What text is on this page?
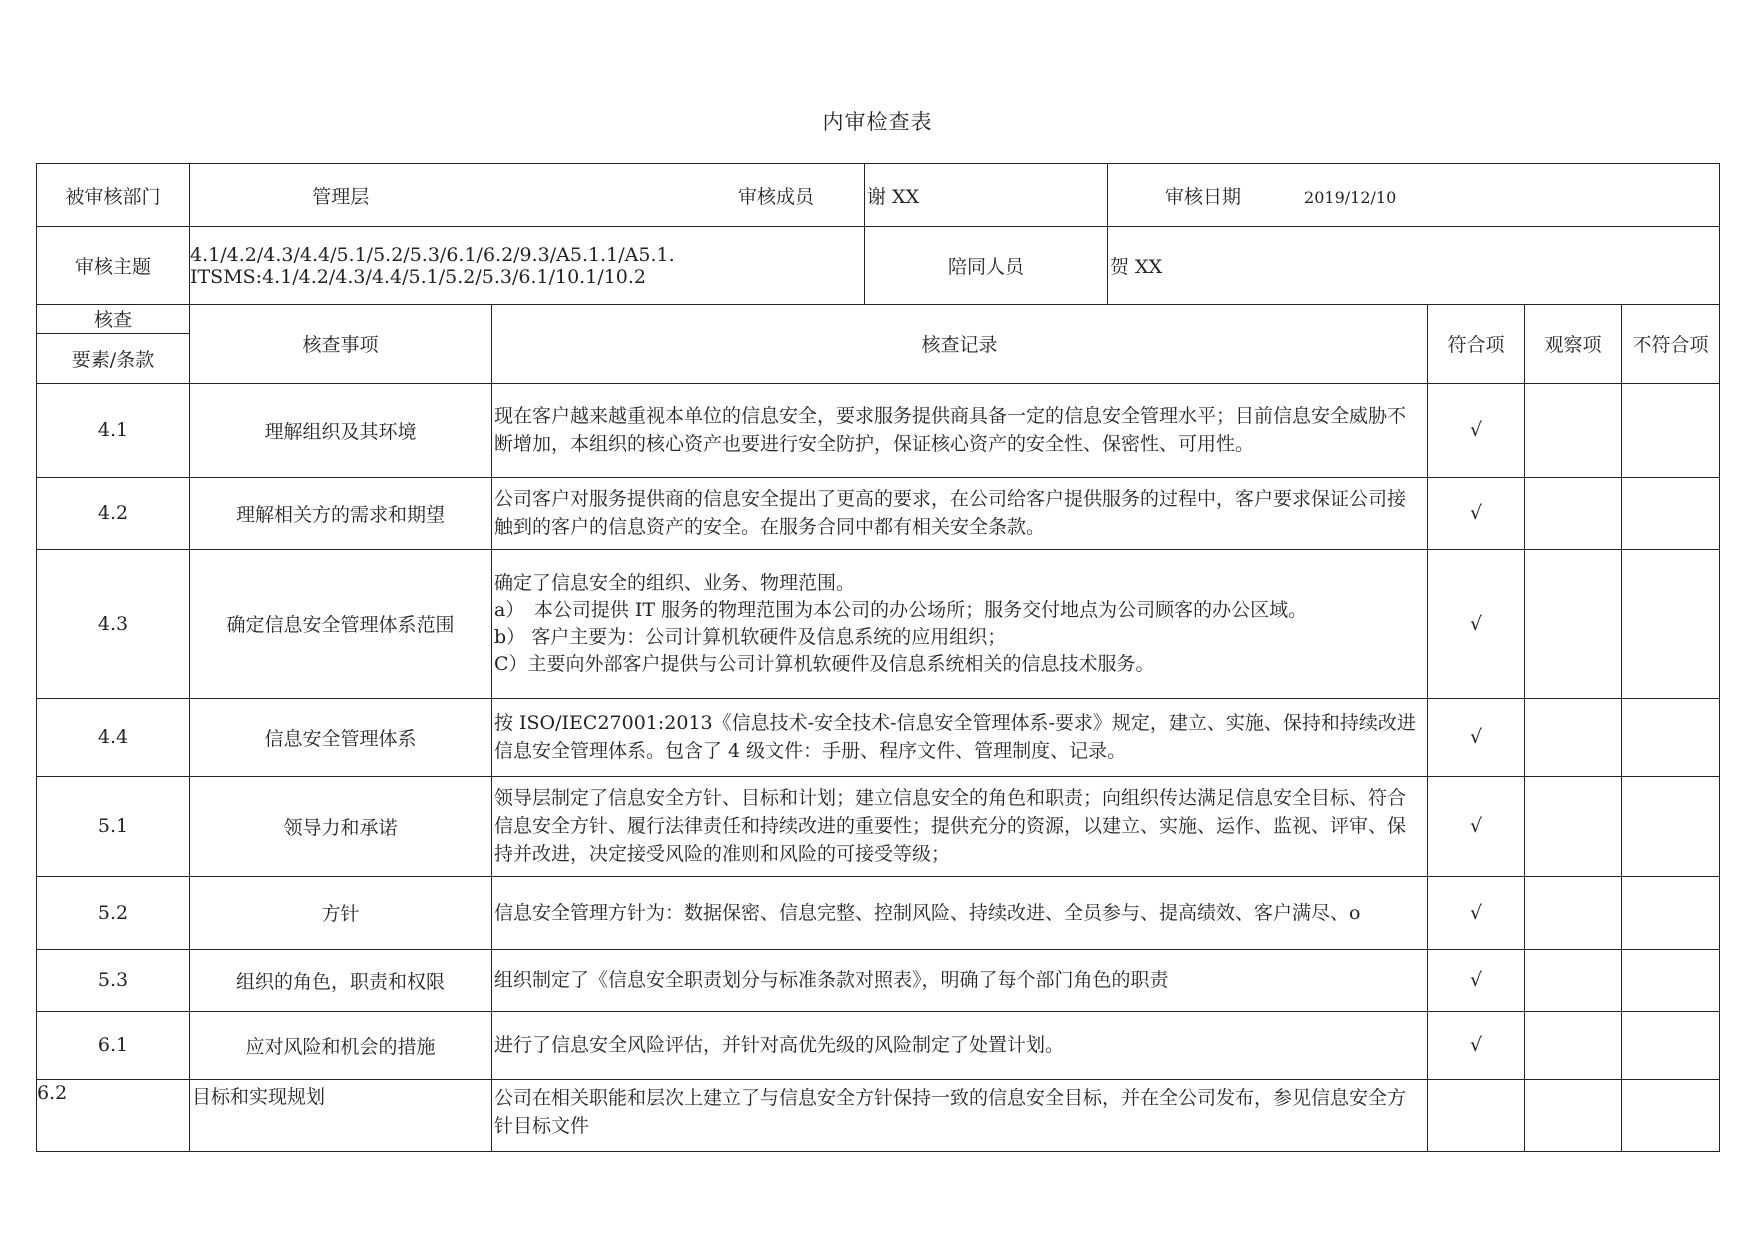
内审检查表
被审核部门	管理层 审核成员	谢 XX	审核日期 2019/12/10
审核主题	4.1/4.2/4.3/4.4/5.1/5.2/5.3/6.1/6.2/9.3/A5.1.1/A5.1.
ITSMS:4.1/4.2/4.3/4.4/5.1/5.2/5.3/6.1/10.1/10.2	陪同人员	贺 XX
核查	核查事项	核查记录	符合项	观察项	不符合项
要素/条款					
4.1	理解组织及其环境	现在客户越来越重视本单位的信息安全，要求服务提供商具备一定的信息安全管理水平；目前信息安全威胁不断增加，本组织的核心资产也要进行安全防护，保证核心资产的安全性、保密性、可用性。	√		
4.2	理解相关方的需求和期望	公司客户对服务提供商的信息安全提出了更高的要求，在公司给客户提供服务的过程中，客户要求保证公司接触到的客户的信息资产的安全。在服务合同中都有相关安全条款。	√		
4.3	确定信息安全管理体系范围	确定了信息安全的组织、业务、物理范围。
a）　本公司提供 IT 服务的物理范围为本公司的办公场所；服务交付地点为公司顾客的办公区域。
b） 客户主要为：公司计算机软硬件及信息系统的应用组织；
C）主要向外部客户提供与公司计算机软硬件及信息系统相关的信息技术服务。	√		
4.4	信息安全管理体系	按 ISO/IEC27001:2013《信息技术-安全技术-信息安全管理体系-要求》规定，建立、实施、保持和持续改进信息安全管理体系。包含了 4 级文件：手册、程序文件、管理制度、记录。	√		
5.1	领导力和承诺	领导层制定了信息安全方针、目标和计划；建立信息安全的角色和职责；向组织传达满足信息安全目标、符合信息安全方针、履行法律责任和持续改进的重要性；提供充分的资源，以建立、实施、运作、监视、评审、保持并改进，决定接受风险的准则和风险的可接受等级；	√		
5.2	方针	信息安全管理方针为：数据保密、信息完整、控制风险、持续改进、全员参与、提高绩效、客户满尽、o	√		
5.3	组织的角色，职责和权限	组织制定了《信息安全职责划分与标准条款对照表》，明确了每个部门角色的职责	√		
6.1	应对风险和机会的措施	进行了信息安全风险评估，并针对高优先级的风险制定了处置计划。	√		
6.2	目标和实现规划	公司在相关职能和层次上建立了与信息安全方针保持一致的信息安全目标，并在全公司发布，参见信息安全方针目标文件			
